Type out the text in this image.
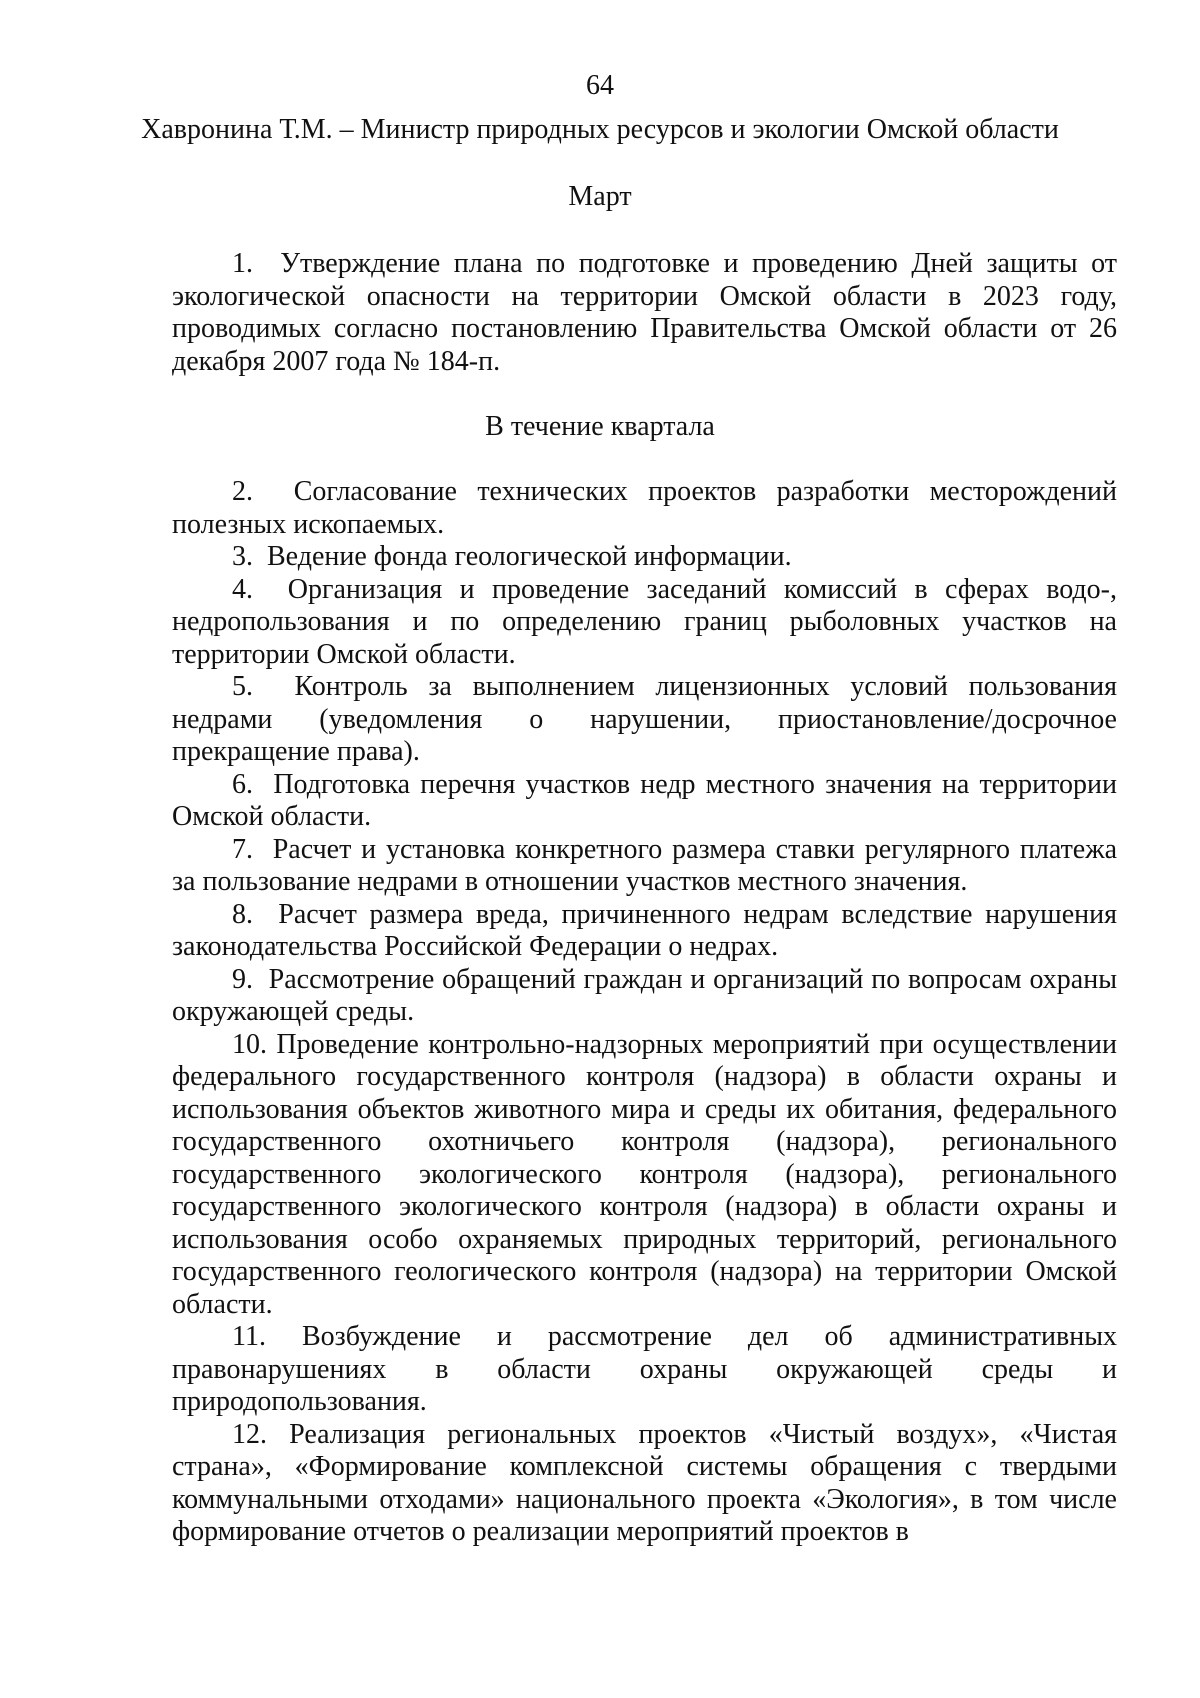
64
Хавронина Т.М. – Министр природных ресурсов и экологии Омской области
Март

1. Утверждение плана по подготовке и проведению Дней защиты от экологической опасности на территории Омской области в 2023 году, проводимых согласно постановлению Правительства Омской области от 26 декабря 2007 года № 184-п.

В течение квартала

2. Согласование технических проектов разработки месторождений полезных ископаемых.

3. Ведение фонда геологической информации.

4. Организация и проведение заседаний комиссий в сферах водо-, недропользования и по определению границ рыболовных участков на территории Омской области.

5. Контроль за выполнением лицензионных условий пользования недрами (уведомления о нарушении, приостановление/досрочное прекращение права).

6. Подготовка перечня участков недр местного значения на территории Омской области.

7. Расчет и установка конкретного размера ставки регулярного платежа за пользование недрами в отношении участков местного значения.

8. Расчет размера вреда, причиненного недрам вследствие нарушения законодательства Российской Федерации о недрах.

9. Рассмотрение обращений граждан и организаций по вопросам охраны окружающей среды.

10. Проведение контрольно-надзорных мероприятий при осуществлении федерального государственного контроля (надзора) в области охраны и использования объектов животного мира и среды их обитания, федерального государственного охотничьего контроля (надзора), регионального государственного экологического контроля (надзора), регионального государственного экологического контроля (надзора) в области охраны и использования особо охраняемых природных территорий, регионального государственного геологического контроля (надзора) на территории Омской области.

11. Возбуждение и рассмотрение дел об административных правонарушениях в области охраны окружающей среды и природопользования.

12. Реализация региональных проектов «Чистый воздух», «Чистая страна», «Формирование комплексной системы обращения с твердыми коммунальными отходами» национального проекта «Экология», в том числе формирование отчетов о реализации мероприятий проектов в
